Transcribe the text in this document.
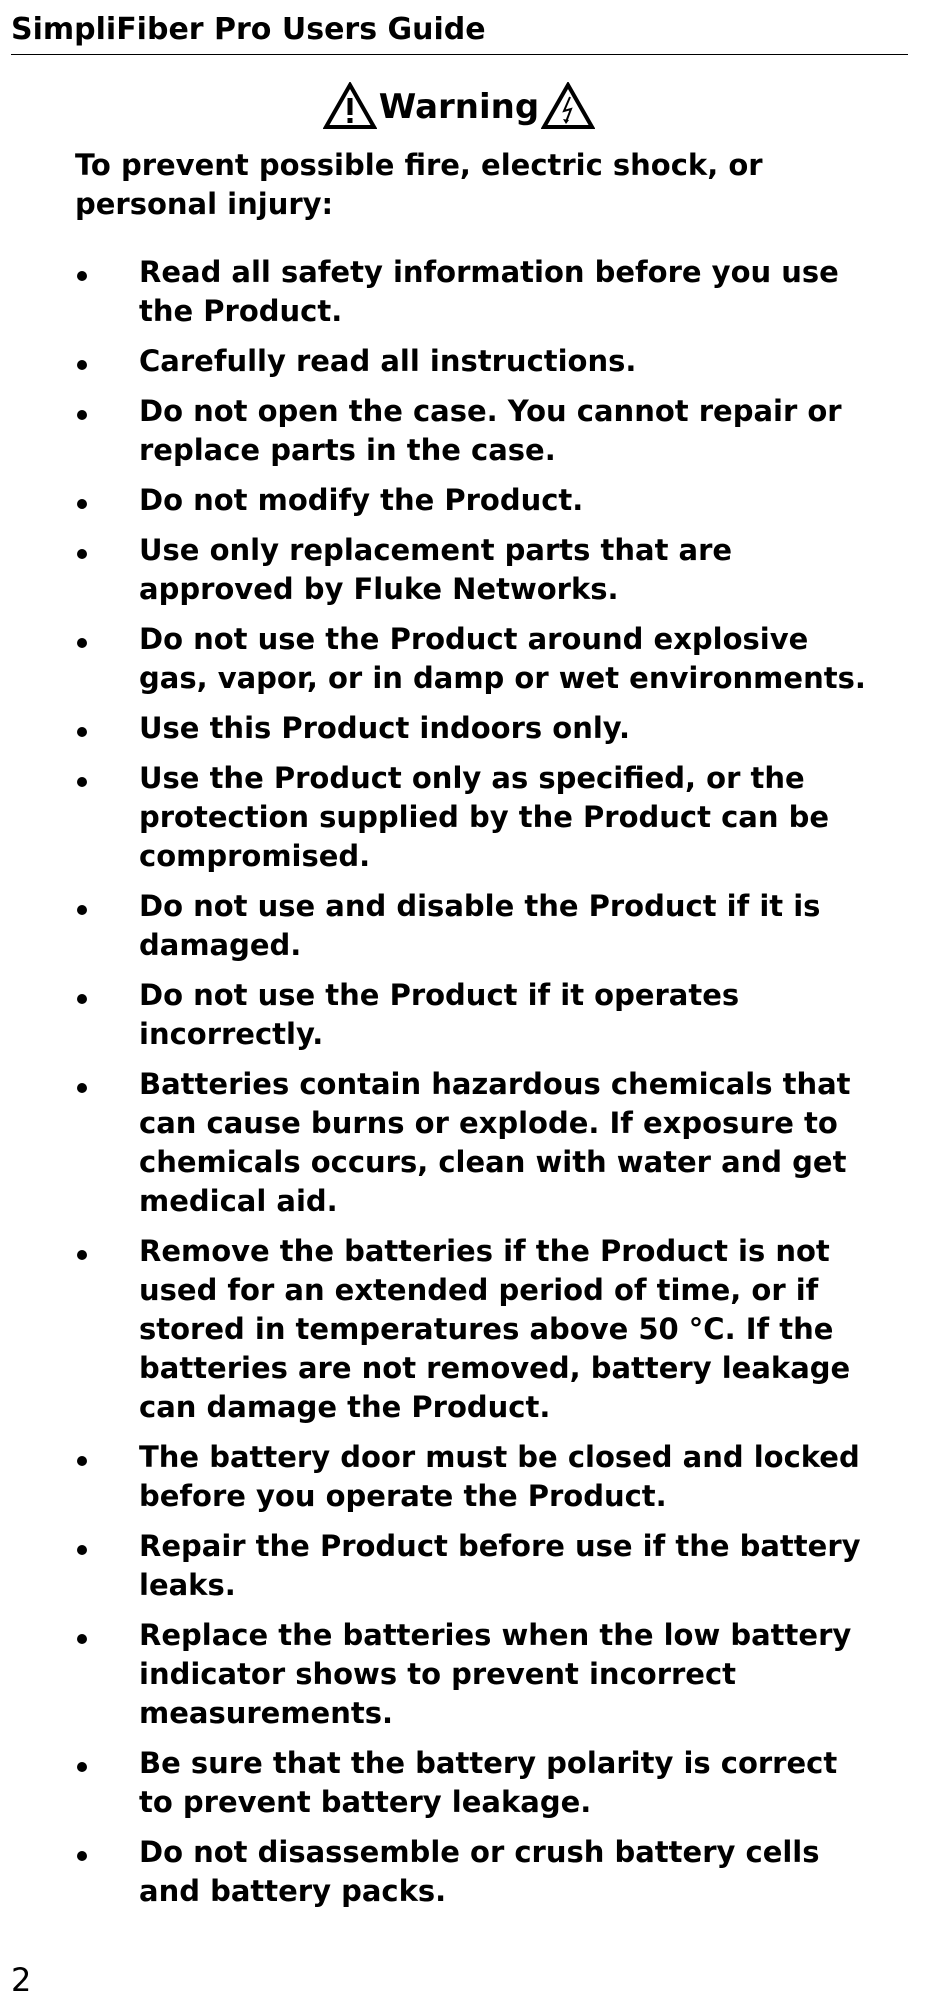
SimpliFiber Pro Users Guide
Warning
To prevent possible fire, electric shock, or personal injury:
Read all safety information before you use the Product.
Carefully read all instructions.
Do not open the case. You cannot repair or replace parts in the case.
Do not modify the Product.
Use only replacement parts that are approved by Fluke Networks.
Do not use the Product around explosive gas, vapor, or in damp or wet environments.
Use this Product indoors only.
Use the Product only as specified, or the protection supplied by the Product can be compromised.
Do not use and disable the Product if it is damaged.
Do not use the Product if it operates incorrectly.
Batteries contain hazardous chemicals that can cause burns or explode. If exposure to chemicals occurs, clean with water and get medical aid.
Remove the batteries if the Product is not used for an extended period of time, or if stored in temperatures above 50 °C. If the batteries are not removed, battery leakage can damage the Product.
The battery door must be closed and locked before you operate the Product.
Repair the Product before use if the battery leaks.
Replace the batteries when the low battery indicator shows to prevent incorrect measurements.
Be sure that the battery polarity is correct to prevent battery leakage.
Do not disassemble or crush battery cells and battery packs.
2
